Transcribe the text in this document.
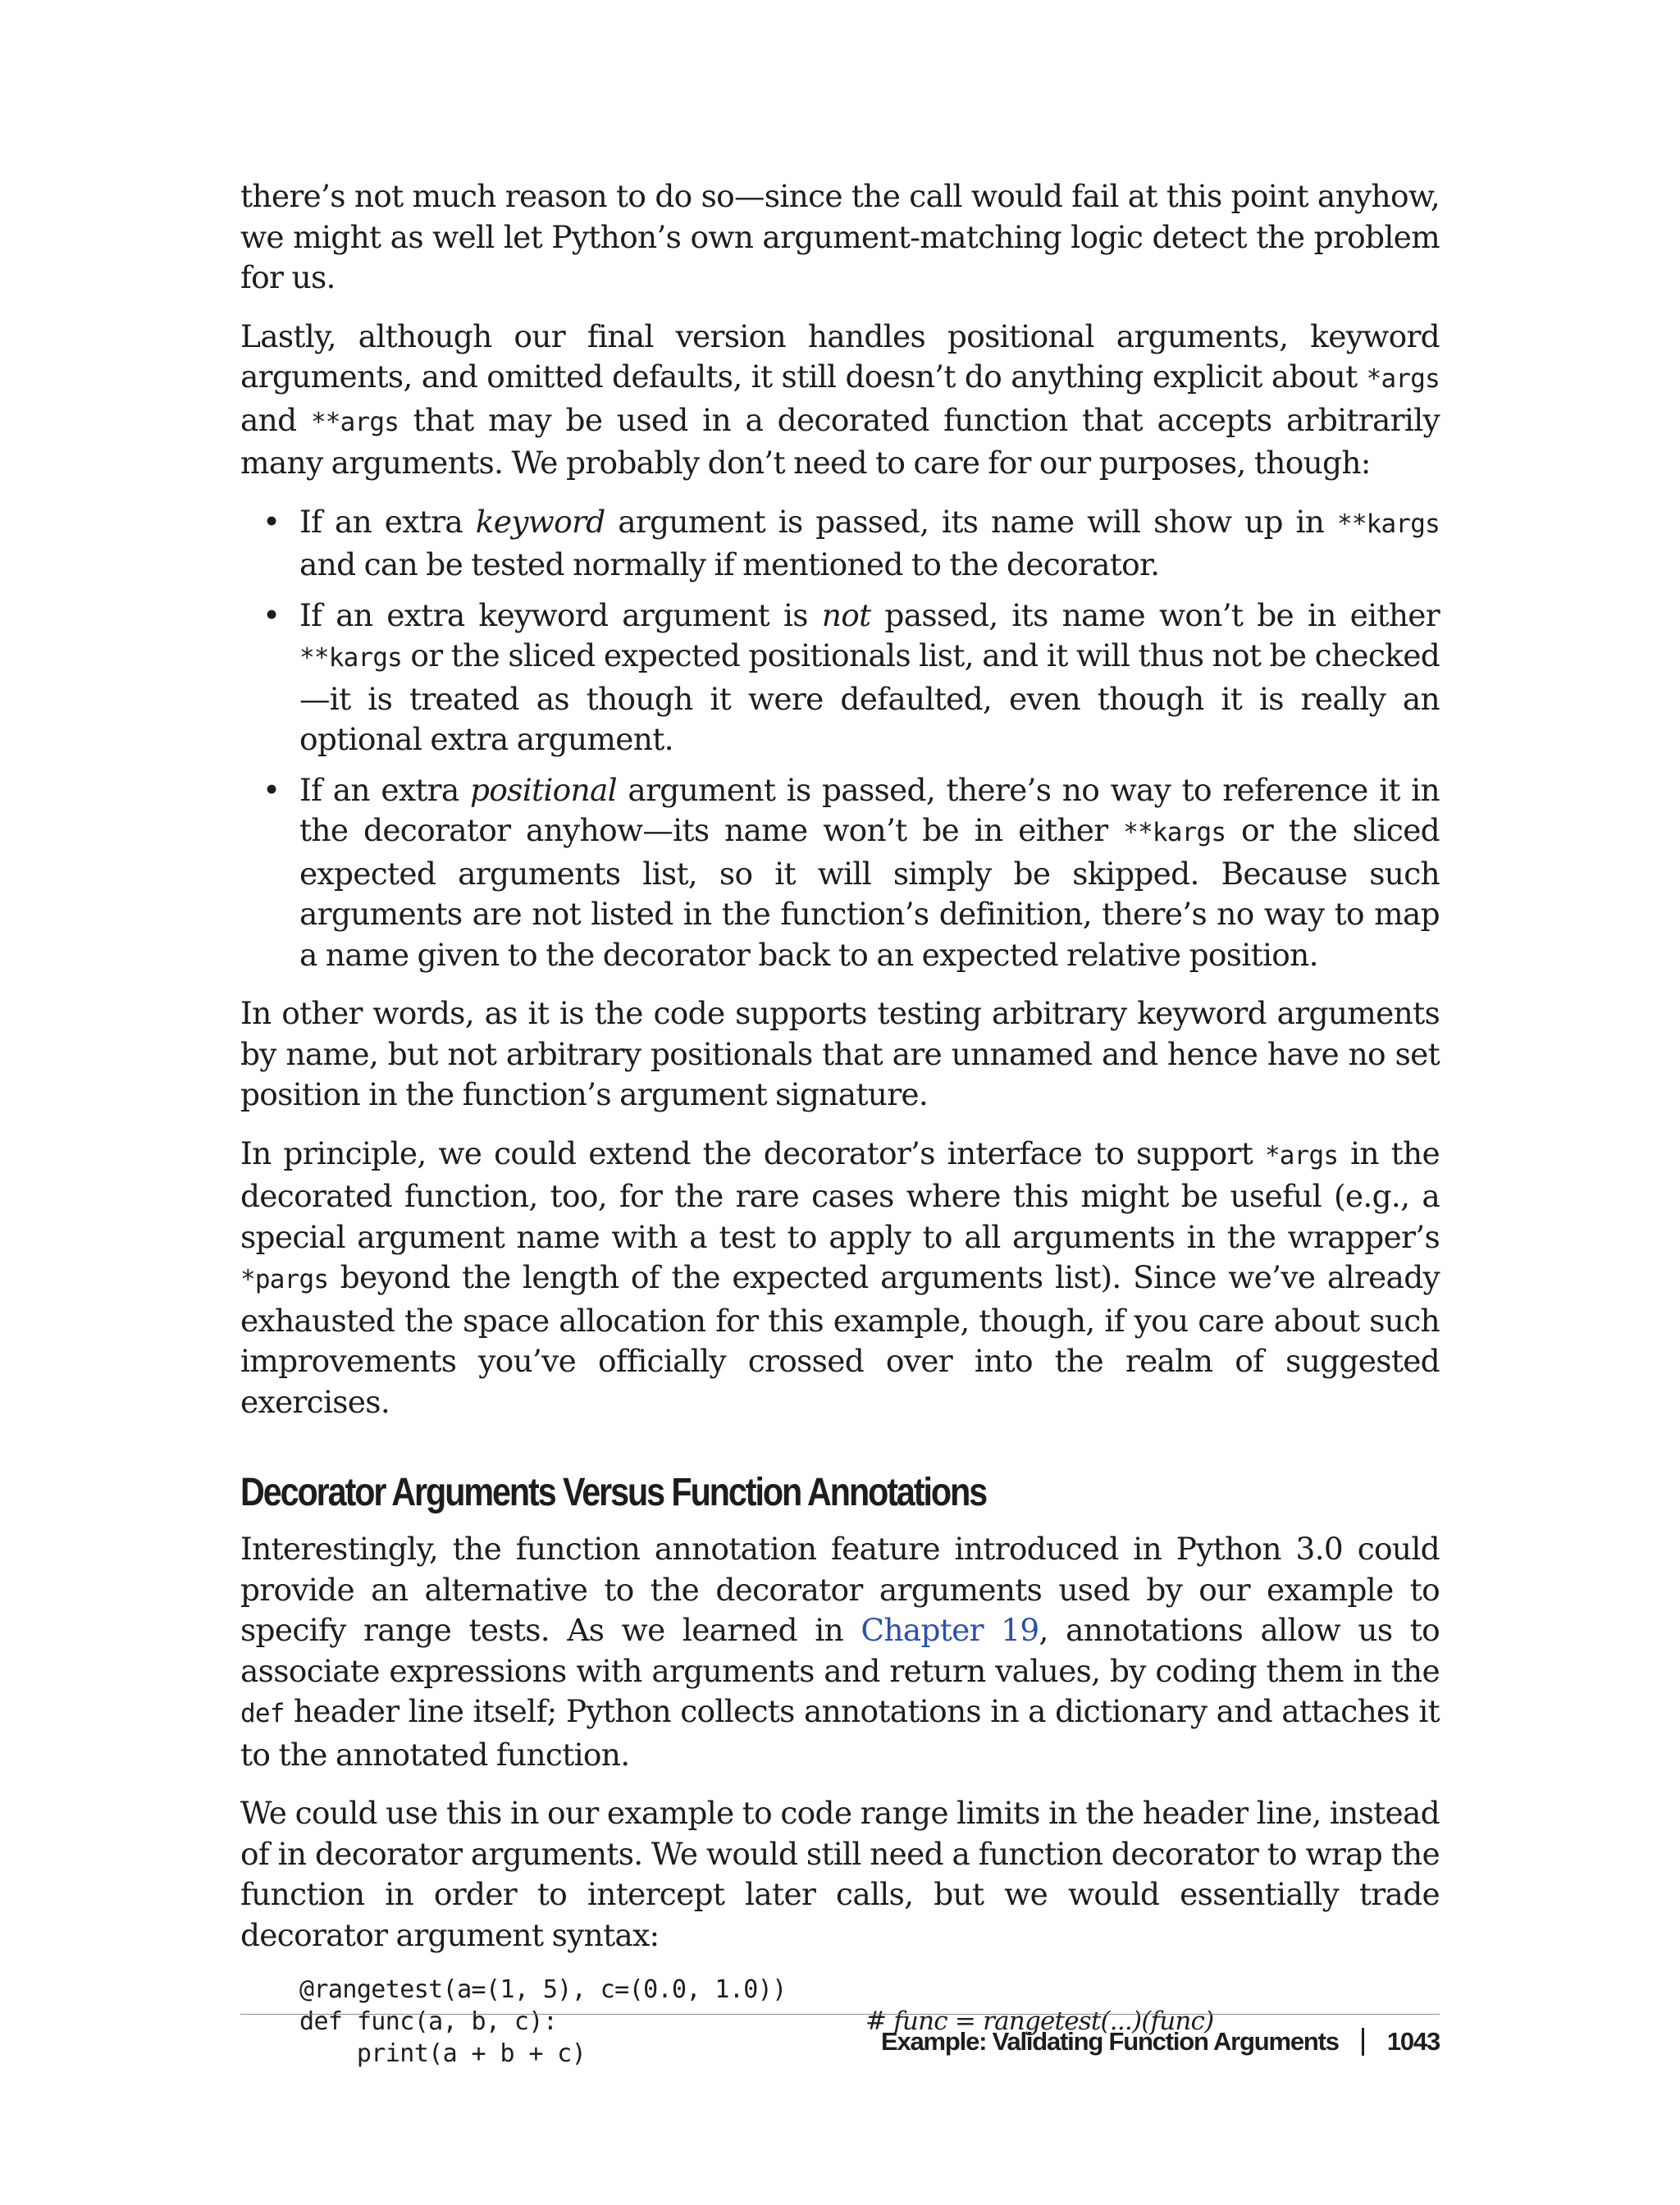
there’s not much reason to do so—since the call would fail at this point anyhow, we might as well let Python’s own argument-matching logic detect the problem for us.

Lastly, although our final version handles positional arguments, keyword arguments, and omitted defaults, it still doesn’t do anything explicit about *args and **args that may be used in a decorated function that accepts arbitrarily many arguments. We probably don’t need to care for our purposes, though:

• If an extra keyword argument is passed, its name will show up in **kargs and can be tested normally if mentioned to the decorator.
• If an extra keyword argument is not passed, its name won’t be in either **kargs or the sliced expected positionals list, and it will thus not be checked—it is treated as though it were defaulted, even though it is really an optional extra argument.
• If an extra positional argument is passed, there’s no way to reference it in the decorator anyhow—its name won’t be in either **kargs or the sliced expected arguments list, so it will simply be skipped. Because such arguments are not listed in the function’s definition, there’s no way to map a name given to the decorator back to an expected relative position.

In other words, as it is the code supports testing arbitrary keyword arguments by name, but not arbitrary positionals that are unnamed and hence have no set position in the function’s argument signature.

In principle, we could extend the decorator’s interface to support *args in the decorated function, too, for the rare cases where this might be useful (e.g., a special argument name with a test to apply to all arguments in the wrapper’s *pargs beyond the length of the expected arguments list). Since we’ve already exhausted the space allocation for this example, though, if you care about such improvements you’ve officially crossed over into the realm of suggested exercises.

Decorator Arguments Versus Function Annotations

Interestingly, the function annotation feature introduced in Python 3.0 could provide an alternative to the decorator arguments used by our example to specify range tests. As we learned in Chapter 19, annotations allow us to associate expressions with arguments and return values, by coding them in the def header line itself; Python collects annotations in a dictionary and attaches it to the annotated function.

We could use this in our example to code range limits in the header line, instead of in decorator arguments. We would still need a function decorator to wrap the function in order to intercept later calls, but we would essentially trade decorator argument syntax:

@rangetest(a=(1, 5), c=(0.0, 1.0))
def func(a, b, c):	# func = rangetest(...)(func)
print(a + b + c)	Example: Validating Function Arguments 1043
